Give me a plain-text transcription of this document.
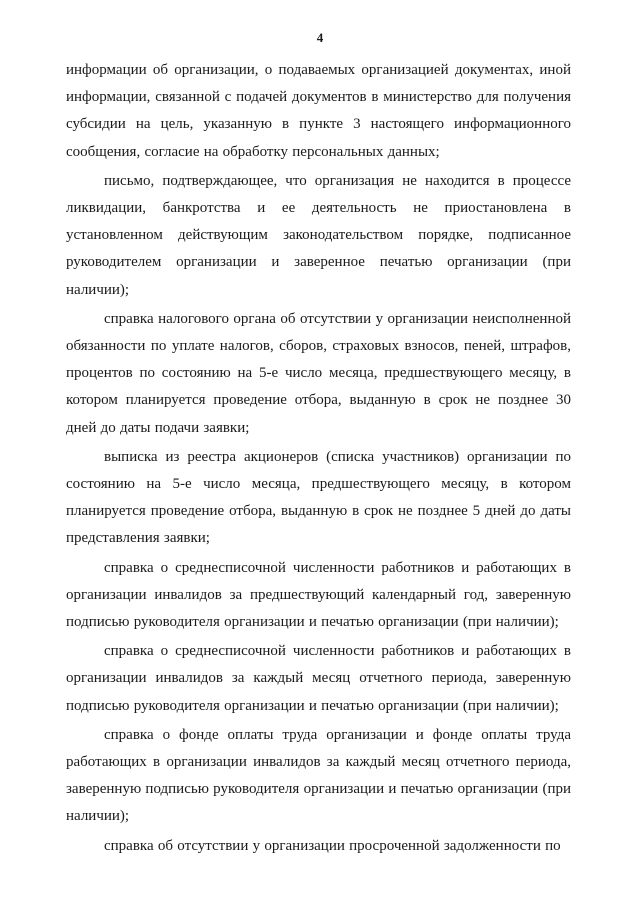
4

информации об организации, о подаваемых организацией документах, иной информации, связанной с подачей документов в министерство для получения субсидии на цель, указанную в пункте 3 настоящего информационного сообщения, согласие на обработку персональных данных;

письмо, подтверждающее, что организация не находится в процессе ликвидации, банкротства и ее деятельность не приостановлена в установленном действующим законодательством порядке, подписанное руководителем организации и заверенное печатью организации (при наличии);

справка налогового органа об отсутствии у организации неисполненной обязанности по уплате налогов, сборов, страховых взносов, пеней, штрафов, процентов по состоянию на 5-е число месяца, предшествующего месяцу, в котором планируется проведение отбора, выданную в срок не позднее 30 дней до даты подачи заявки;

выписка из реестра акционеров (списка участников) организации по состоянию на 5-е число месяца, предшествующего месяцу, в котором планируется проведение отбора, выданную в срок не позднее 5 дней до даты представления заявки;

справка о среднесписочной численности работников и работающих в организации инвалидов за предшествующий календарный год, заверенную подписью руководителя организации и печатью организации (при наличии);

справка о среднесписочной численности работников и работающих в организации инвалидов за каждый месяц отчетного периода, заверенную подписью руководителя организации и печатью организации (при наличии);

справка о фонде оплаты труда организации и фонде оплаты труда работающих в организации инвалидов за каждый месяц отчетного периода, заверенную подписью руководителя организации и печатью организации (при наличии);

справка об отсутствии у организации просроченной задолженности по
